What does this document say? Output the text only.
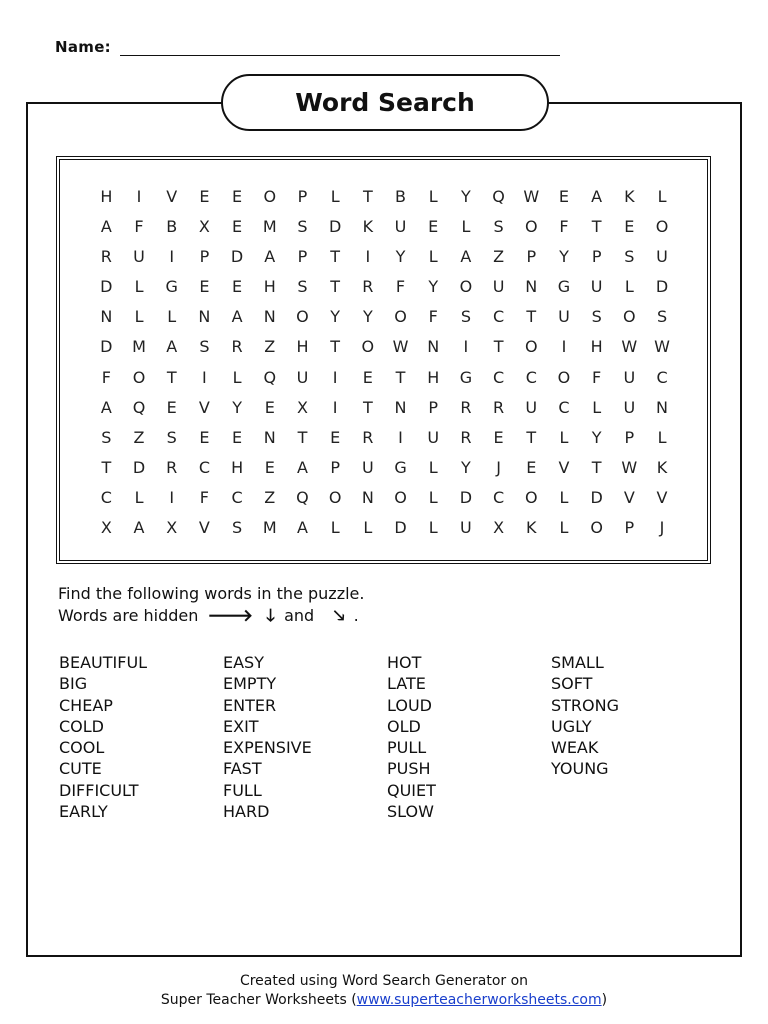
Name:
Word Search
H	I	V	E	E	O	P	L	T	B	L	Y	Q	W	E	A	K	L
A	F	B	X	E	M	S	D	K	U	E	L	S	O	F	T	E	O
R	U	I	P	D	A	P	T	I	Y	L	A	Z	P	Y	P	S	U
D	L	G	E	E	H	S	T	R	F	Y	O	U	N	G	U	L	D
N	L	L	N	A	N	O	Y	Y	O	F	S	C	T	U	S	O	S
D	M	A	S	R	Z	H	T	O	W	N	I	T	O	I	H	W	W
F	O	T	I	L	Q	U	I	E	T	H	G	C	C	O	F	U	C
A	Q	E	V	Y	E	X	I	T	N	P	R	R	U	C	L	U	N
S	Z	S	E	E	N	T	E	R	I	U	R	E	T	L	Y	P	L
T	D	R	C	H	E	A	P	U	G	L	Y	J	E	V	T	W	K
C	L	I	F	C	Z	Q	O	N	O	L	D	C	O	L	D	V	V
X	A	X	V	S	M	A	L	L	D	L	U	X	K	L	O	P	J
Find the following words in the puzzle.
Words are hidden 🡒 🡓 and 🡖 .
BEAUTIFUL
BIG
CHEAP
COLD
COOL
CUTE
DIFFICULT
EARLY
EASY
EMPTY
ENTER
EXIT
EXPENSIVE
FAST
FULL
HARD
HOT
LATE
LOUD
OLD
PULL
PUSH
QUIET
SLOW
SMALL
SOFT
STRONG
UGLY
WEAK
YOUNG
Created using Word Search Generator on
Super Teacher Worksheets (www.superteacherworksheets.com)
